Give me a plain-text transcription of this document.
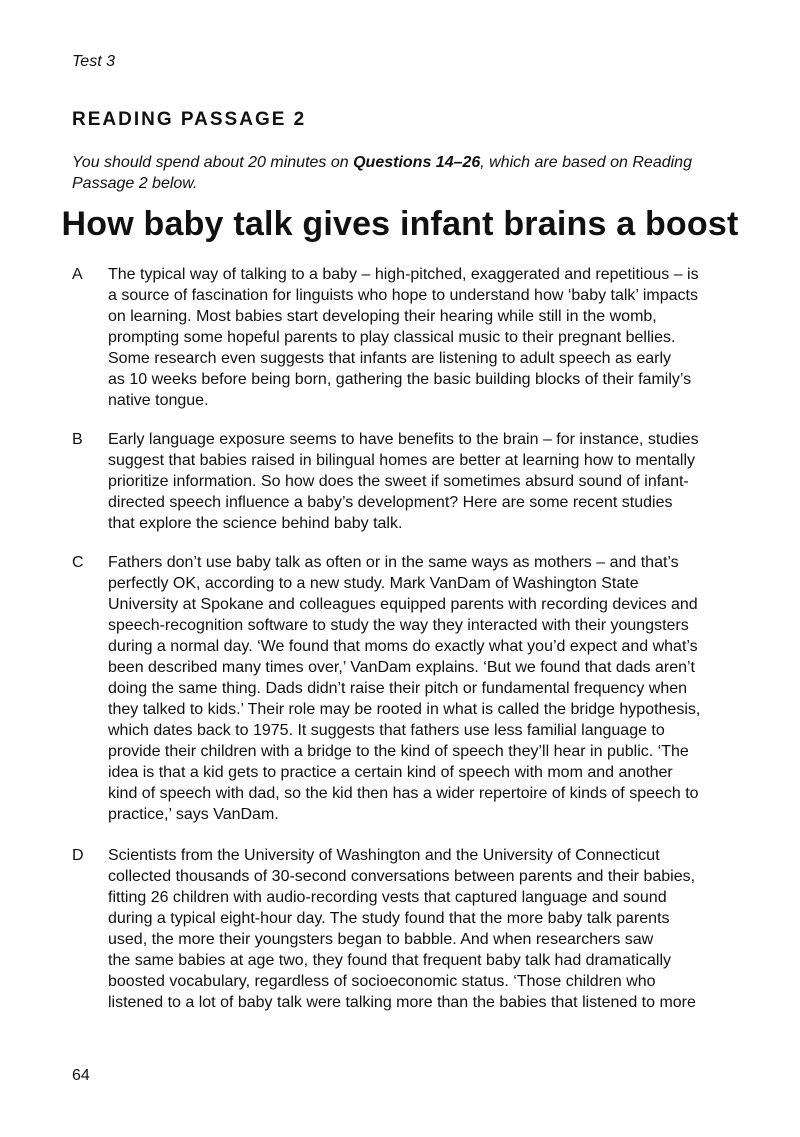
Test 3
READING PASSAGE 2
You should spend about 20 minutes on Questions 14–26, which are based on Reading
Passage 2 below.
How baby talk gives infant brains a boost
A The typical way of talking to a baby – high-pitched, exaggerated and repetitious – is
a source of fascination for linguists who hope to understand how ‘baby talk’ impacts
on learning. Most babies start developing their hearing while still in the womb,
prompting some hopeful parents to play classical music to their pregnant bellies.
Some research even suggests that infants are listening to adult speech as early
as 10 weeks before being born, gathering the basic building blocks of their family’s
native tongue.
B Early language exposure seems to have benefits to the brain – for instance, studies
suggest that babies raised in bilingual homes are better at learning how to mentally
prioritize information. So how does the sweet if sometimes absurd sound of infant-
directed speech influence a baby’s development? Here are some recent studies
that explore the science behind baby talk.
C Fathers don’t use baby talk as often or in the same ways as mothers – and that’s
perfectly OK, according to a new study. Mark VanDam of Washington State
University at Spokane and colleagues equipped parents with recording devices and
speech-recognition software to study the way they interacted with their youngsters
during a normal day. ‘We found that moms do exactly what you’d expect and what’s
been described many times over,’ VanDam explains. ‘But we found that dads aren’t
doing the same thing. Dads didn’t raise their pitch or fundamental frequency when
they talked to kids.’ Their role may be rooted in what is called the bridge hypothesis,
which dates back to 1975. It suggests that fathers use less familial language to
provide their children with a bridge to the kind of speech they’ll hear in public. ‘The
idea is that a kid gets to practice a certain kind of speech with mom and another
kind of speech with dad, so the kid then has a wider repertoire of kinds of speech to
practice,’ says VanDam.
D Scientists from the University of Washington and the University of Connecticut
collected thousands of 30-second conversations between parents and their babies,
fitting 26 children with audio-recording vests that captured language and sound
during a typical eight-hour day. The study found that the more baby talk parents
used, the more their youngsters began to babble. And when researchers saw
the same babies at age two, they found that frequent baby talk had dramatically
boosted vocabulary, regardless of socioeconomic status. ‘Those children who
listened to a lot of baby talk were talking more than the babies that listened to more
64
